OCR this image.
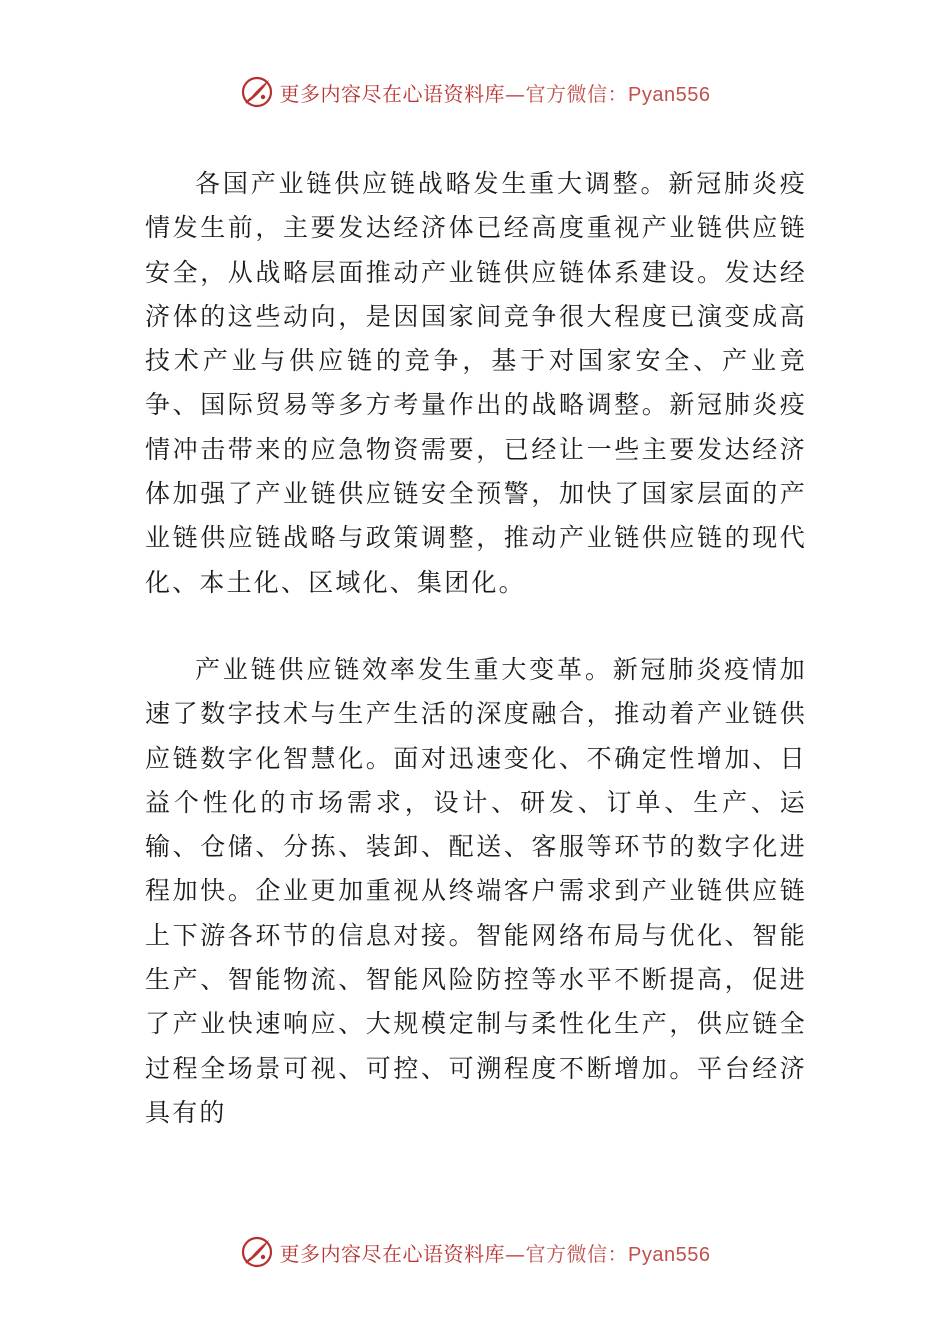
更多内容尽在心语资料库—官方微信：Pyan556

各国产业链供应链战略发生重大调整。新冠肺炎疫情发生前，主要发达经济体已经高度重视产业链供应链安全，从战略层面推动产业链供应链体系建设。发达经济体的这些动向，是因国家间竞争很大程度已演变成高技术产业与供应链的竞争，基于对国家安全、产业竞争、国际贸易等多方考量作出的战略调整。新冠肺炎疫情冲击带来的应急物资需要，已经让一些主要发达经济体加强了产业链供应链安全预警，加快了国家层面的产业链供应链战略与政策调整，推动产业链供应链的现代化、本土化、区域化、集团化。

产业链供应链效率发生重大变革。新冠肺炎疫情加速了数字技术与生产生活的深度融合，推动着产业链供应链数字化智慧化。面对迅速变化、不确定性增加、日益个性化的市场需求，设计、研发、订单、生产、运输、仓储、分拣、装卸、配送、客服等环节的数字化进程加快。企业更加重视从终端客户需求到产业链供应链上下游各环节的信息对接。智能网络布局与优化、智能生产、智能物流、智能风险防控等水平不断提高，促进了产业快速响应、大规模定制与柔性化生产，供应链全过程全场景可视、可控、可溯程度不断增加。平台经济具有的

更多内容尽在心语资料库—官方微信：Pyan556
